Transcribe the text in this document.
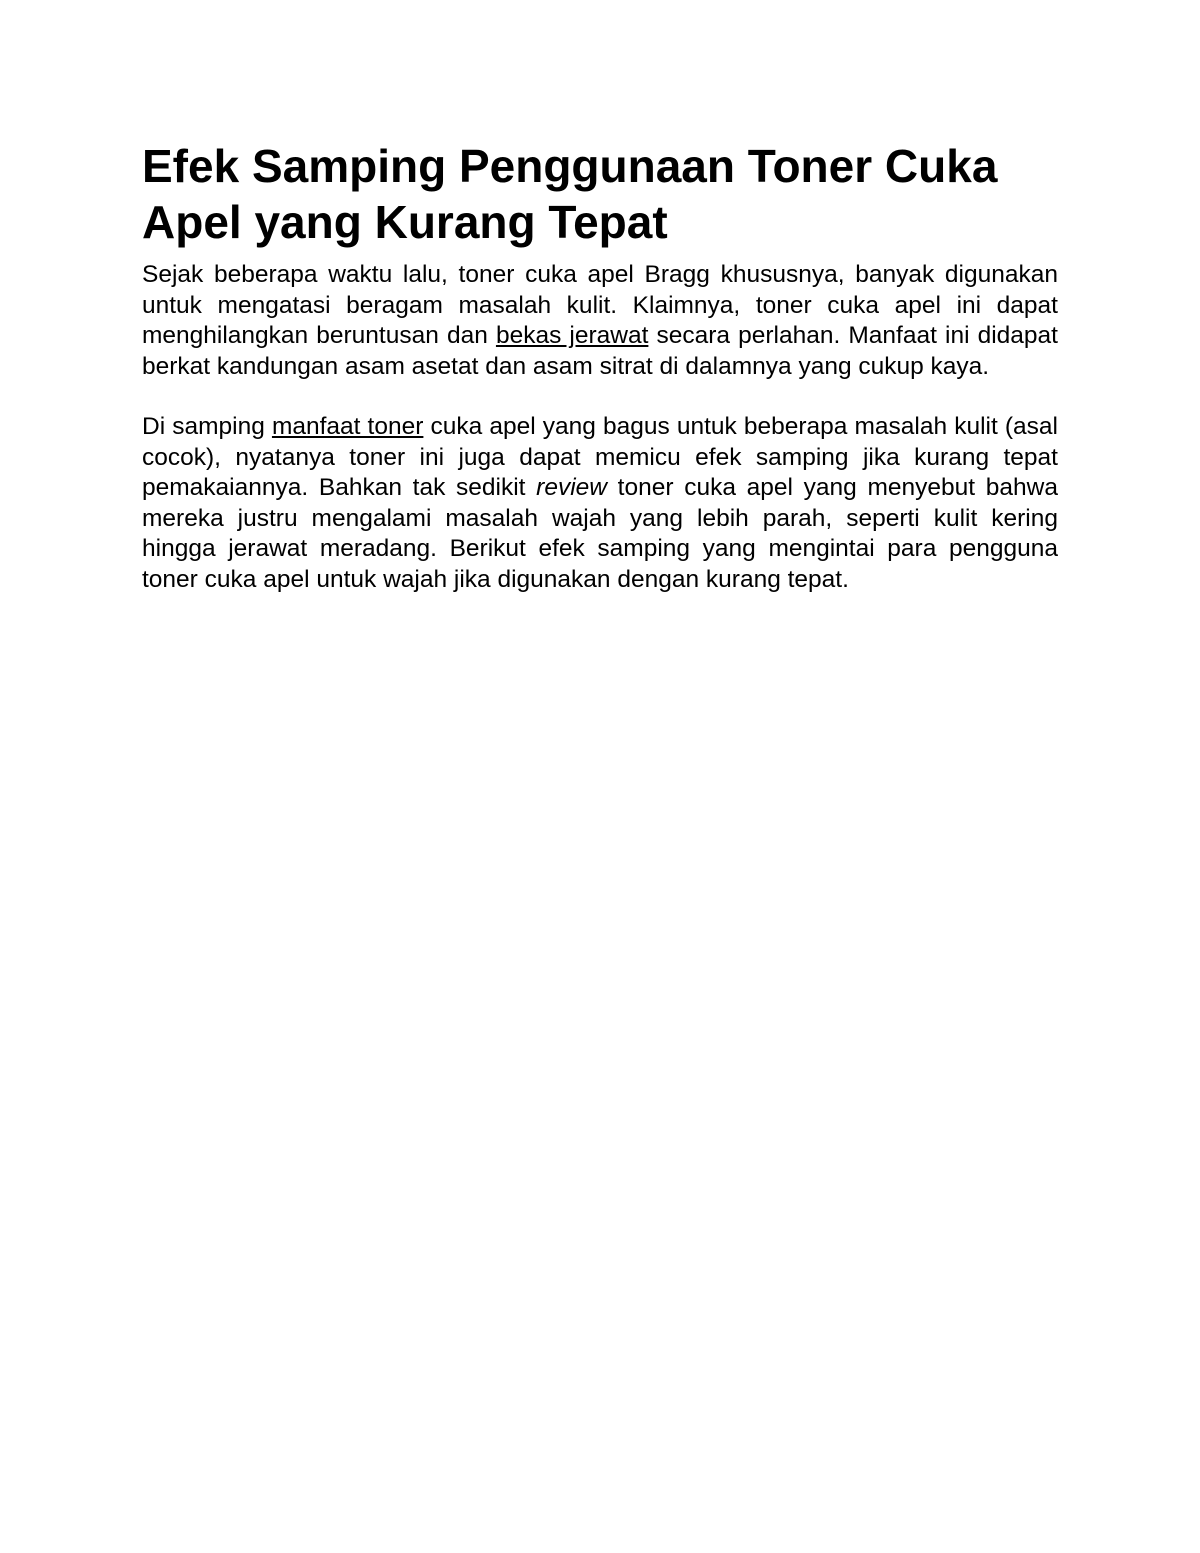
Efek Samping Penggunaan Toner Cuka Apel yang Kurang Tepat

Sejak beberapa waktu lalu, toner cuka apel Bragg khususnya, banyak digunakan untuk mengatasi beragam masalah kulit. Klaimnya, toner cuka apel ini dapat menghilangkan beruntusan dan bekas jerawat secara perlahan. Manfaat ini didapat berkat kandungan asam asetat dan asam sitrat di dalamnya yang cukup kaya.

Di samping manfaat toner cuka apel yang bagus untuk beberapa masalah kulit (asal cocok), nyatanya toner ini juga dapat memicu efek samping jika kurang tepat pemakaiannya. Bahkan tak sedikit review toner cuka apel yang menyebut bahwa mereka justru mengalami masalah wajah yang lebih parah, seperti kulit kering hingga jerawat meradang. Berikut efek samping yang mengintai para pengguna toner cuka apel untuk wajah jika digunakan dengan kurang tepat.
